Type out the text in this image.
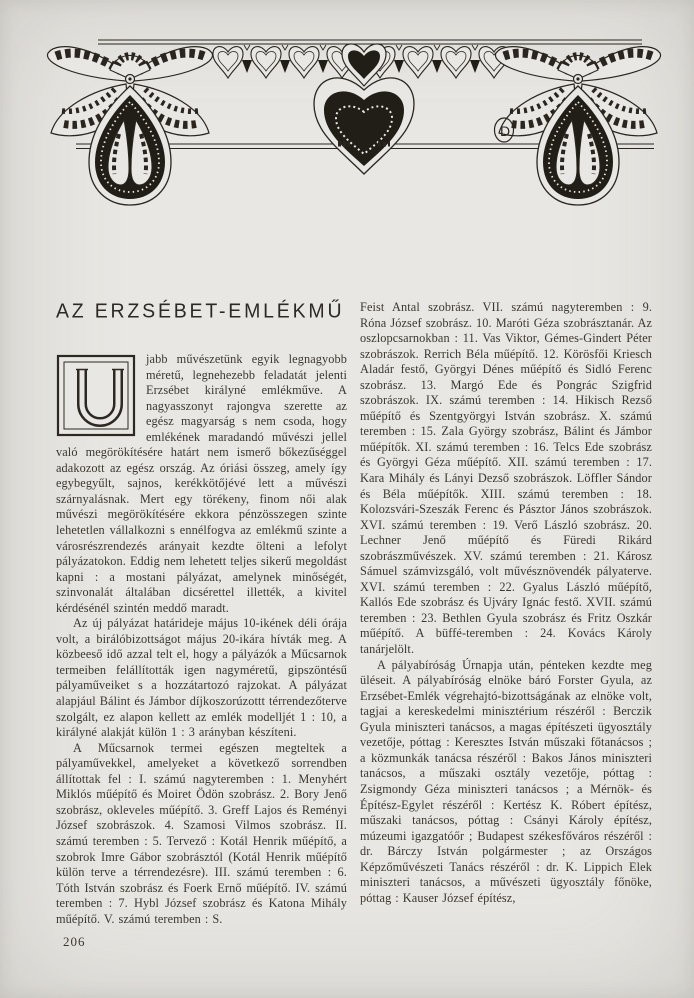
D
AZ ERZSÉBET-EMLÉKMŰ

jabb művészetünk egyik legnagyobb méretű, legnehezebb feladatát jelenti Erzsébet királyné emlékműve. A nagyasszonyt rajongva szerette az egész magyarság s nem csoda, hogy emlékének maradandó művészi jellel való megörökítésére határt nem ismerő bőkezűséggel adakozott az egész ország. Az óriási összeg, amely így egybegyűlt, sajnos, kerékkötőjévé lett a művészi szárnyalásnak. Mert egy törékeny, finom női alak művészi megörökítésére ekkora pénzösszegen szinte lehetetlen vállalkozni s ennélfogva az emlékmű szinte a városrészrendezés arányait kezdte ölteni a lefolyt pályázatokon. Eddig nem lehetett teljes sikerű megoldást kapni : a mostani pályázat, amelynek minőségét, szinvonalát általában dicsérettel illették, a kivitel kérdésénél szintén meddő maradt.

Az új pályázat határideje május 10-ikének déli órája volt, a birálóbizottságot május 20-ikára hívták meg. A közbeeső idő azzal telt el, hogy a pályázók a Műcsarnok termeiben felállították igen nagyméretű, gipszöntésű pályaműveiket s a hozzátartozó rajzokat. A pályázat alapjául Bálint és Jámbor díjkoszorúzottt térrendezőterve szolgált, ez alapon kellett az emlék modelljét 1 : 10, a királyné alakját külön 1 : 3 arányban készíteni.

A Műcsarnok termei egészen megteltek a pályaművekkel, amelyeket a következő sorrendben állítottak fel : I. számú nagyteremben : 1. Menyhért Miklós műépítő és Moiret Ödön szobrász. 2. Bory Jenő szobrász, okleveles műépítő. 3. Greff Lajos és Reményi József szobrászok. 4. Szamosi Vilmos szobrász. II. számú teremben : 5. Tervező : Kotál Henrik műépítő, a szobrok Imre Gábor szobrásztól (Kotál Henrik műépítő külön terve a térrendezésre). III. számú teremben : 6. Tóth István szobrász és Foerk Ernő műépítő. IV. számú teremben : 7. Hybl József szobrász és Katona Mihály műépítő. V. számú teremben : S.

Feist Antal szobrász. VII. számú nagyteremben : 9. Róna József szobrász. 10. Maróti Géza szobrásztanár. Az oszlopcsarnokban : 11. Vas Viktor, Gémes-Gindert Péter szobrászok. Rerrich Béla műépítő. 12. Körösfői Kriesch Aladár festő, Györgyi Dénes műépítő és Sidló Ferenc szobrász. 13. Margó Ede és Pongrác Szigfrid szobrászok. IX. számú teremben : 14. Hikisch Rezső műépítő és Szentgyörgyi István szobrász. X. számú teremben : 15. Zala György szobrász, Bálint és Jámbor műépítők. XI. számú teremben : 16. Telcs Ede szobrász és Györgyi Géza műépítő. XII. számú teremben : 17. Kara Mihály és Lányi Dezső szobrászok. Löffler Sándor és Béla műépítők. XIII. számú teremben : 18. Kolozsvári-Szeszák Ferenc és Pásztor János szobrászok. XVI. számú teremben : 19. Verő László szobrász. 20. Lechner Jenő műépítő és Füredi Rikárd szobrászművészek. XV. számú teremben : 21. Károsz Sámuel számvizsgáló, volt művésznövendék pályaterve. XVI. számú teremben : 22. Gyalus László műépítő, Kallós Ede szobrász és Ujváry Ignác festő. XVII. számú teremben : 23. Bethlen Gyula szobrász és Fritz Oszkár műépítő. A büffé-teremben : 24. Kovács Károly tanárjelölt.

A pályabíróság Úrnapja után, pénteken kezdte meg üléseit. A pályabíróság elnöke báró Forster Gyula, az Erzsébet-Emlék végrehajtó-bizottságának az elnöke volt, tagjai a kereskedelmi minisztérium részéről : Berczik Gyula miniszteri tanácsos, a magas építészeti ügyosztály vezetője, póttag : Keresztes István műszaki főtanácsos ; a közmunkák tanácsa részéről : Bakos János miniszteri tanácsos, a műszaki osztály vezetője, póttag : Zsigmondy Géza miniszteri tanácsos ; a Mérnök- és Építész-Egylet részéről : Kertész K. Róbert építész, műszaki tanácsos, póttag : Csányi Károly építész, múzeumi igazgatóőr ; Budapest székesfőváros részéről : dr. Bárczy István polgármester ; az Országos Képzőművészeti Tanács részéről : dr. K. Lippich Elek miniszteri tanácsos, a művészeti ügyosztály főnöke, póttag : Kauser József építész,

206
